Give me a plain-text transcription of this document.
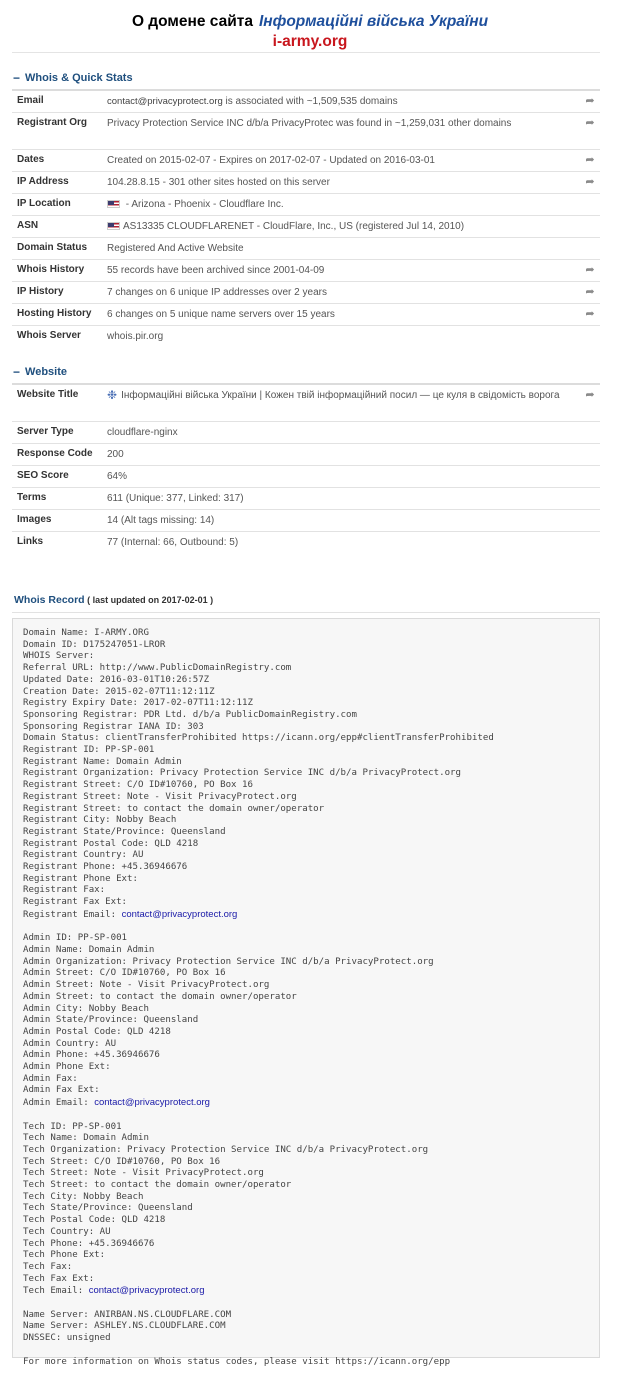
О домене сайта Інформаційні війська України
i-army.org
− Whois & Quick Stats
Email	contact@privacyprotect.org is associated with ~1,509,535 domains	➦
Registrant Org	Privacy Protection Service INC d/b/a PrivacyProtec was found in ~1,259,031 other domains	➦
Dates	Created on 2015-02-07 - Expires on 2017-02-07 - Updated on 2016-03-01	➦
IP Address	104.28.8.15 - 301 other sites hosted on this server	➦
IP Location	- Arizona - Phoenix - Cloudflare Inc.	
ASN	AS13335 CLOUDFLARENET - CloudFlare, Inc., US (registered Jul 14, 2010)	
Domain Status	Registered And Active Website	
Whois History	55 records have been archived since 2001-04-09	➦
IP History	7 changes on 6 unique IP addresses over 2 years	➦
Hosting History	6 changes on 5 unique name servers over 15 years	➦
Whois Server	whois.pir.org	
− Website
Website Title	❉ Інформаційні війська України | Кожен твій інформаційний посил — це куля в свідомість ворога	➦
Server Type	cloudflare-nginx	
Response Code	200	
SEO Score	64%	
Terms	611 (Unique: 377, Linked: 317)	
Images	14 (Alt tags missing: 14)	
Links	77 (Internal: 66, Outbound: 5)	
Whois Record ( last updated on 2017-02-01 )
Domain Name: I-ARMY.ORG
Domain ID: D175247051-LROR
WHOIS Server:
Referral URL: http://www.PublicDomainRegistry.com
Updated Date: 2016-03-01T10:26:57Z
Creation Date: 2015-02-07T11:12:11Z
Registry Expiry Date: 2017-02-07T11:12:11Z
Sponsoring Registrar: PDR Ltd. d/b/a PublicDomainRegistry.com
Sponsoring Registrar IANA ID: 303
Domain Status: clientTransferProhibited https://icann.org/epp#clientTransferProhibited
Registrant ID: PP-SP-001
Registrant Name: Domain Admin
Registrant Organization: Privacy Protection Service INC d/b/a PrivacyProtect.org
Registrant Street: C/O ID#10760, PO Box 16
Registrant Street: Note - Visit PrivacyProtect.org
Registrant Street: to contact the domain owner/operator
Registrant City: Nobby Beach
Registrant State/Province: Queensland
Registrant Postal Code: QLD 4218
Registrant Country: AU
Registrant Phone: +45.36946676
Registrant Phone Ext:
Registrant Fax:
Registrant Fax Ext:
Registrant Email: contact@privacyprotect.org

Admin ID: PP-SP-001
Admin Name: Domain Admin
Admin Organization: Privacy Protection Service INC d/b/a PrivacyProtect.org
Admin Street: C/O ID#10760, PO Box 16
Admin Street: Note - Visit PrivacyProtect.org
Admin Street: to contact the domain owner/operator
Admin City: Nobby Beach
Admin State/Province: Queensland
Admin Postal Code: QLD 4218
Admin Country: AU
Admin Phone: +45.36946676
Admin Phone Ext:
Admin Fax:
Admin Fax Ext:
Admin Email: contact@privacyprotect.org

Tech ID: PP-SP-001
Tech Name: Domain Admin
Tech Organization: Privacy Protection Service INC d/b/a PrivacyProtect.org
Tech Street: C/O ID#10760, PO Box 16
Tech Street: Note - Visit PrivacyProtect.org
Tech Street: to contact the domain owner/operator
Tech City: Nobby Beach
Tech State/Province: Queensland
Tech Postal Code: QLD 4218
Tech Country: AU
Tech Phone: +45.36946676
Tech Phone Ext:
Tech Fax:
Tech Fax Ext:
Tech Email: contact@privacyprotect.org

Name Server: ANIRBAN.NS.CLOUDFLARE.COM
Name Server: ASHLEY.NS.CLOUDFLARE.COM
DNSSEC: unsigned

For more information on Whois status codes, please visit https://icann.org/epp
